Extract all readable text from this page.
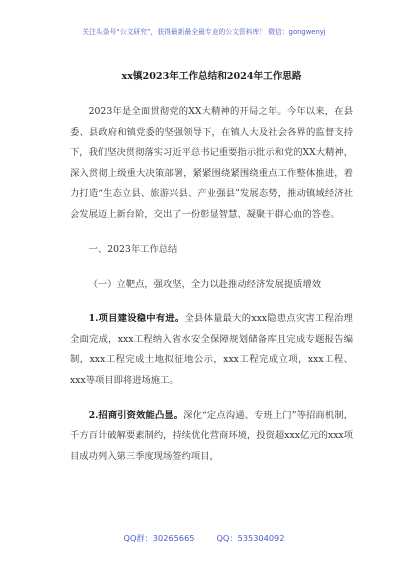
关注头条号“公文研究”，获得最新最全最专业的公文资料库！ 微信：gongwenyj
xx镇2023年工作总结和2024年工作思路

2023年是全面贯彻党的XX大精神的开局之年。今年以来，在县委、县政府和镇党委的坚强领导下，在镇人大及社会各界的监督支持下，我们坚决贯彻落实习近平总书记重要指示批示和党的XX大精神，深入贯彻上级重大决策部署，紧紧围绕紧围绕重点工作整体推进，着力打造“生态立县、旅游兴县、产业强县”发展态势，推动镇域经济社会发展迈上新台阶，交出了一份彰显智慧、凝聚干群心血的答卷。

一、2023年工作总结

（一）立靶点，强攻坚，全力以赴推动经济发展提质增效

1.项目建设稳中有进。全县体量最大的xxx隐患点灾害工程治理全面完成，xxx工程纳入省水安全保障规划储备库且完成专题报告编制，xxx工程完成土地拟征地公示，xxx工程完成立项，xxx工程、xxx等项目即将进场施工。

2.招商引资效能凸显。深化“定点沟通、专班上门”等招商机制，千方百计破解要素制约，持续优化营商环境，投资超xxx亿元的xxx项目成功列入第三季度现场签约项目，

QQ群：30265665	QQ：535304092
